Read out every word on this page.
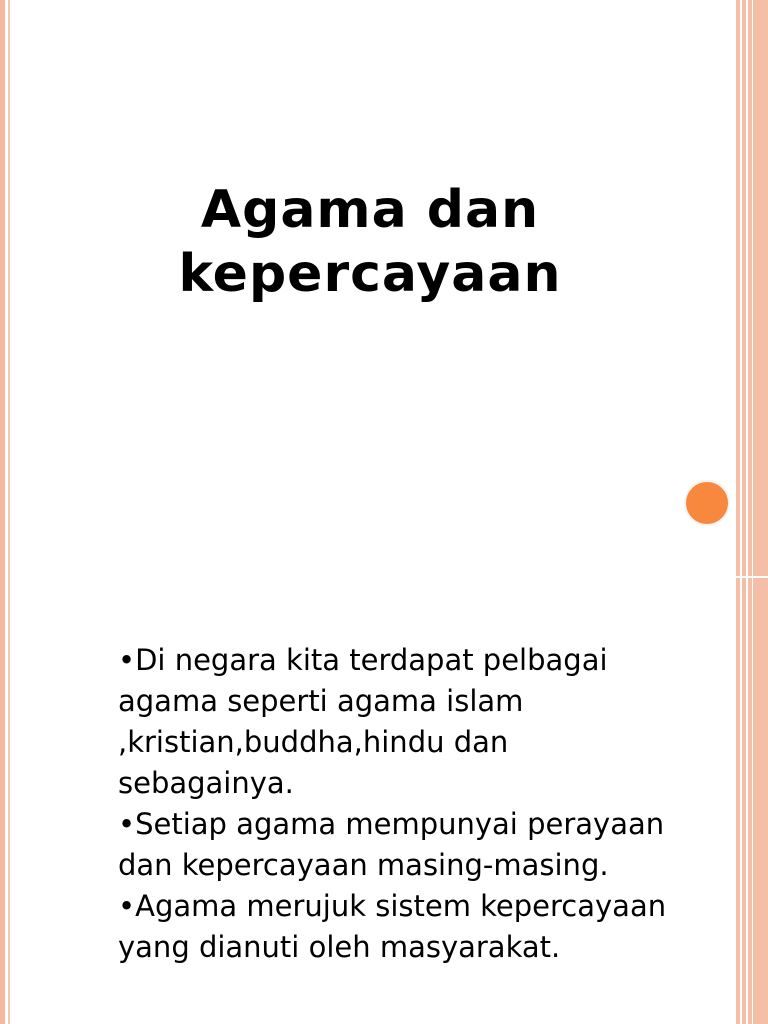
Agama dan kepercayaan

•Di negara kita terdapat pelbagai agama seperti agama islam ,kristian,buddha,hindu dan sebagainya.

•Setiap agama mempunyai perayaan dan kepercayaan masing-masing.

•Agama merujuk sistem kepercayaan yang dianuti oleh masyarakat.
